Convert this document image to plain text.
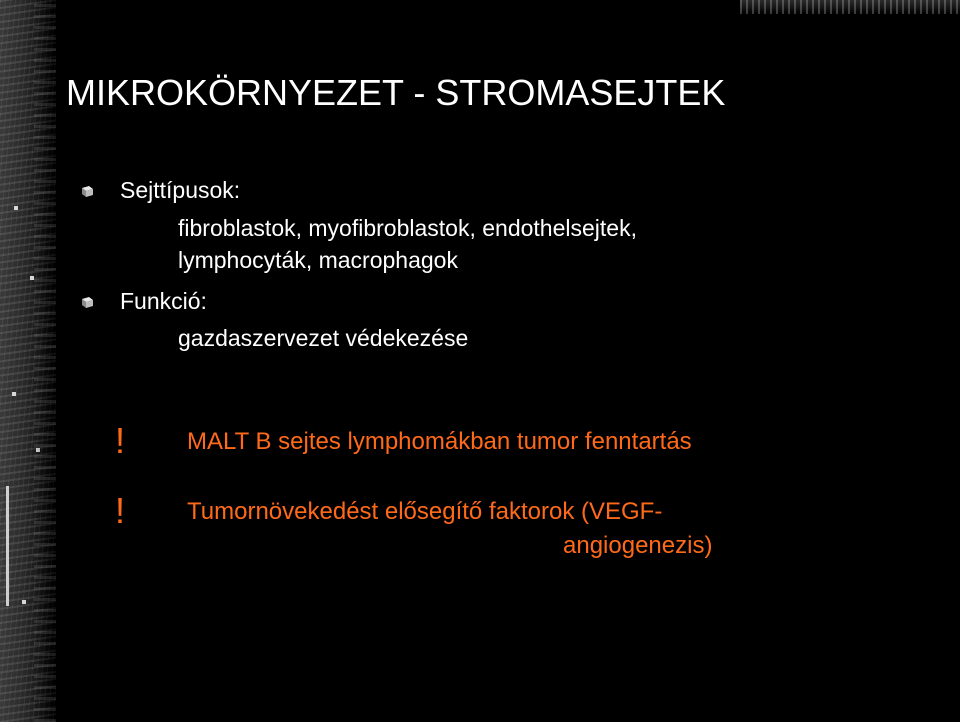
MIKROKÖRNYEZET - STROMASEJTEK
Sejttípusok:
fibroblastok, myofibroblastok, endothelsejtek,
lymphocyták, macrophagok
Funkció:
gazdaszervezet védekezése
!	MALT B sejtes lymphomákban tumor fenntartás
!	Tumornövekedést elősegítő faktorok (VEGF-
angiogenezis)
